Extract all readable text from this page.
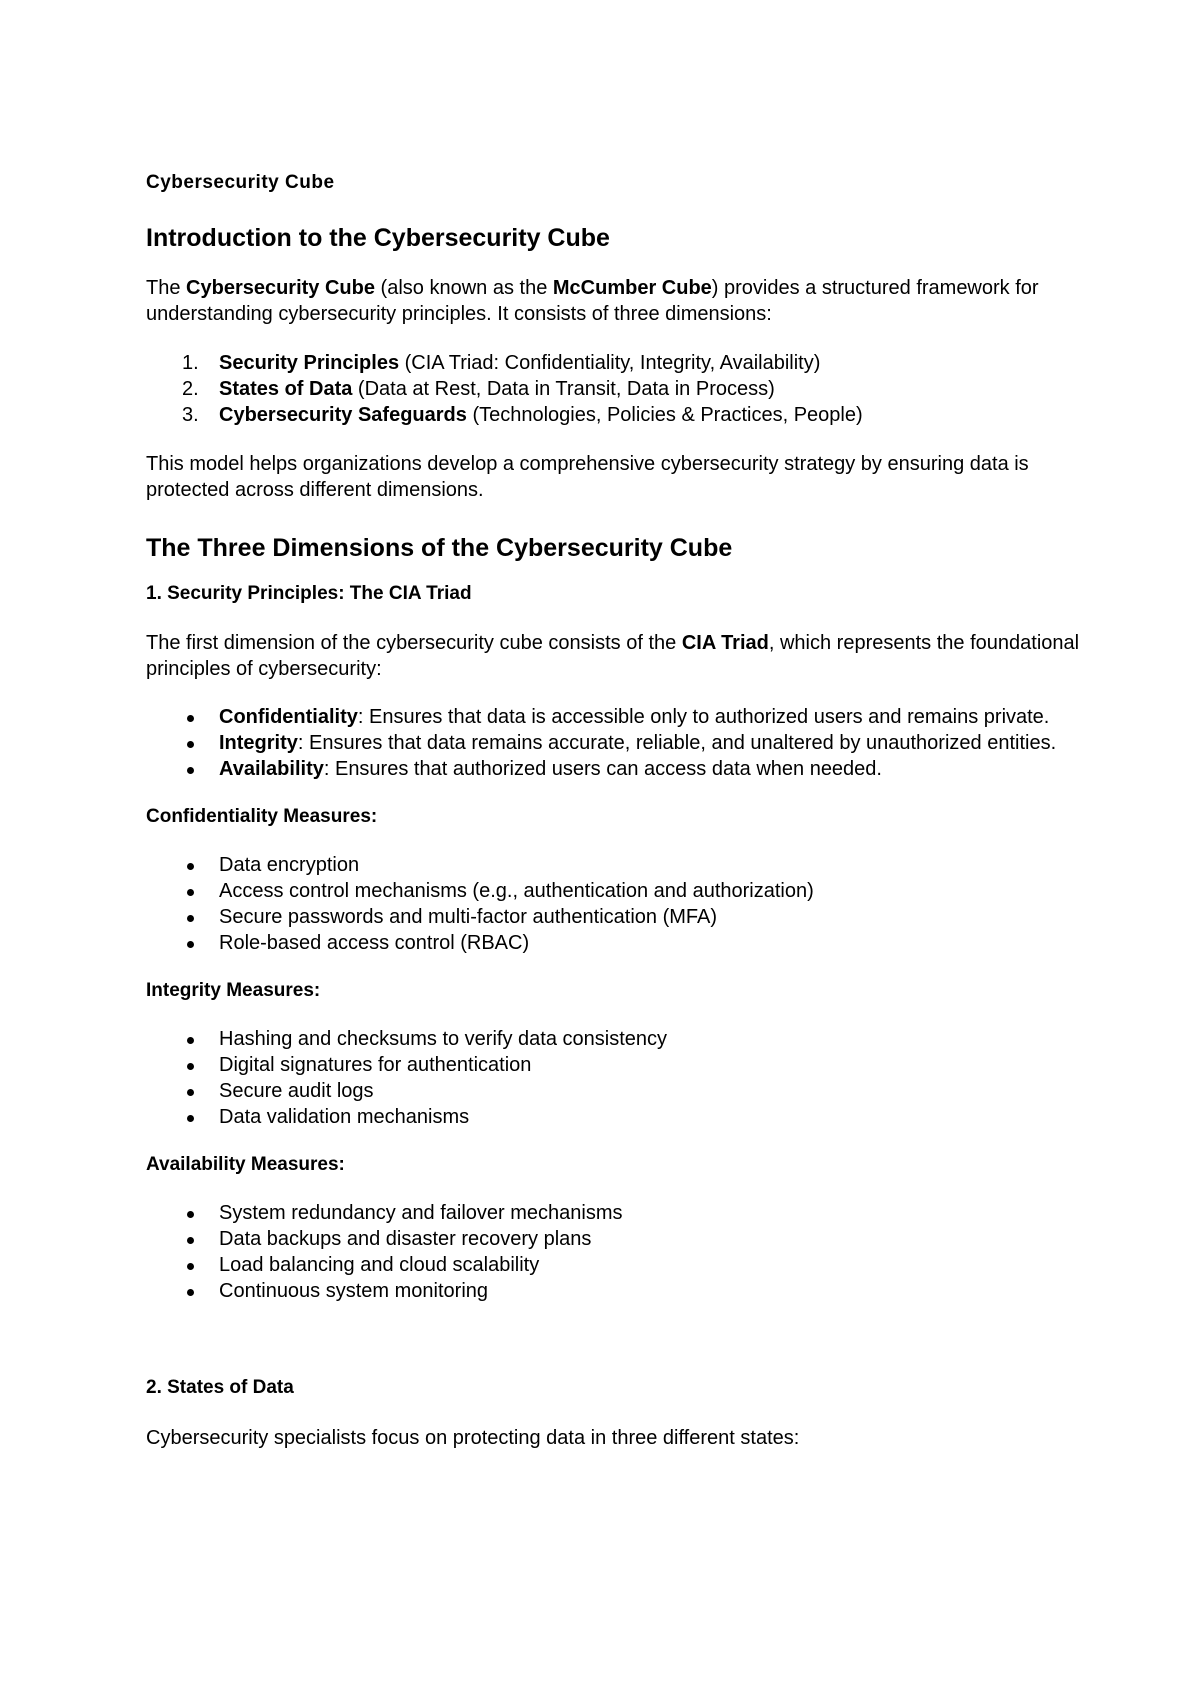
Cybersecurity Cube
Introduction to the Cybersecurity Cube

The Cybersecurity Cube (also known as the McCumber Cube) provides a structured framework for understanding cybersecurity principles. It consists of three dimensions:

1. Security Principles (CIA Triad: Confidentiality, Integrity, Availability)
2. States of Data (Data at Rest, Data in Transit, Data in Process)
3. Cybersecurity Safeguards (Technologies, Policies & Practices, People)

This model helps organizations develop a comprehensive cybersecurity strategy by ensuring data is protected across different dimensions.

The Three Dimensions of the Cybersecurity Cube
1. Security Principles: The CIA Triad

The first dimension of the cybersecurity cube consists of the CIA Triad, which represents the foundational principles of cybersecurity:

Confidentiality: Ensures that data is accessible only to authorized users and remains private.
Integrity: Ensures that data remains accurate, reliable, and unaltered by unauthorized entities.
Availability: Ensures that authorized users can access data when needed.
Confidentiality Measures:
Data encryption
Access control mechanisms (e.g., authentication and authorization)
Secure passwords and multi-factor authentication (MFA)
Role-based access control (RBAC)
Integrity Measures:
Hashing and checksums to verify data consistency
Digital signatures for authentication
Secure audit logs
Data validation mechanisms
Availability Measures:
System redundancy and failover mechanisms
Data backups and disaster recovery plans
Load balancing and cloud scalability
Continuous system monitoring
2. States of Data

Cybersecurity specialists focus on protecting data in three different states:
